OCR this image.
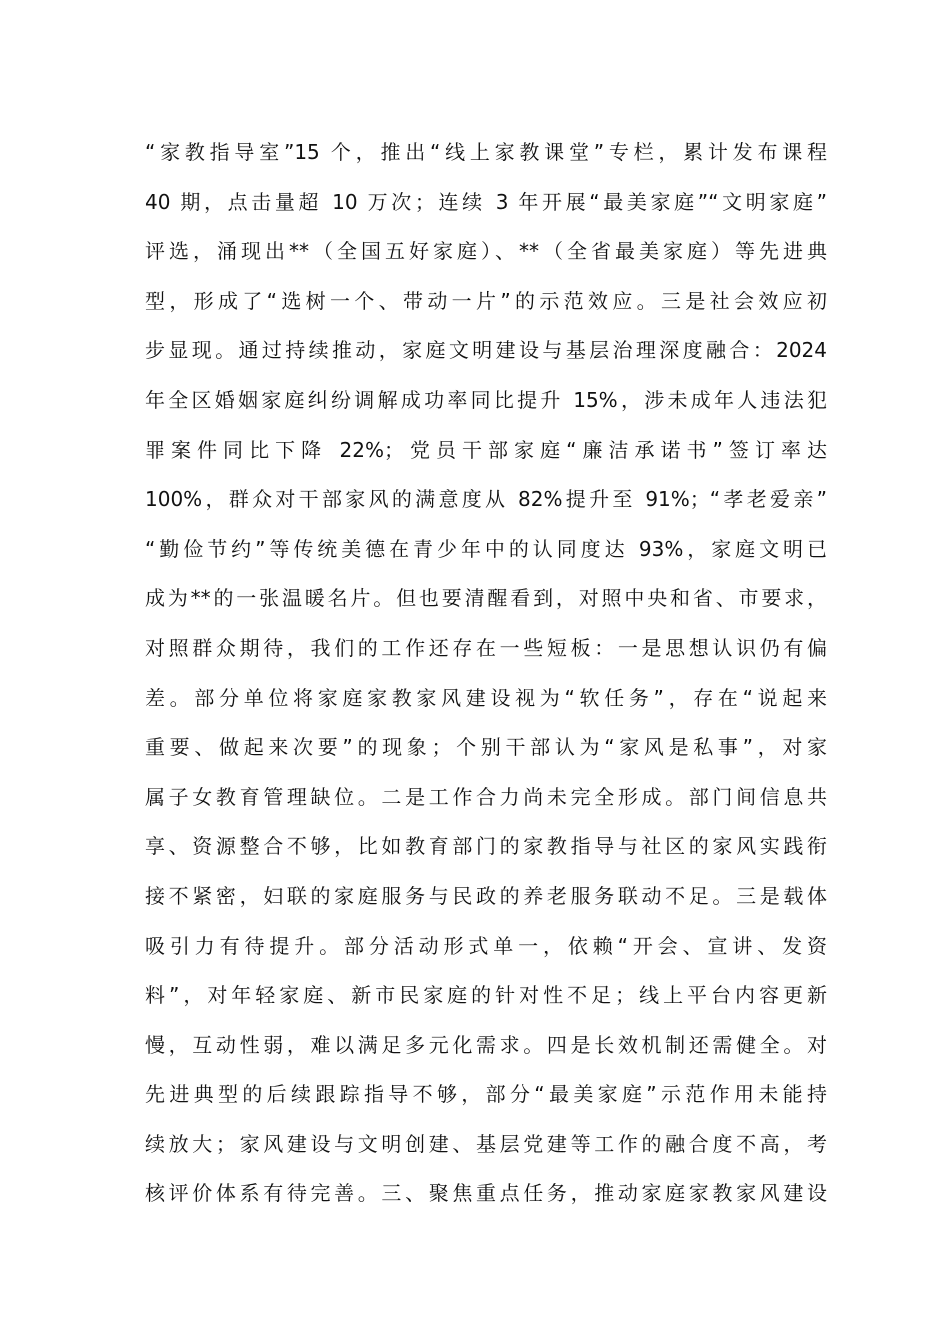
“家教指导室”15 个，推出“线上家教课堂”专栏，累计发布课程
40 期，点击量超 10 万次；连续 3 年开展“最美家庭”“文明家庭”
评选，涌现出**（全国五好家庭）、**（全省最美家庭）等先进典
型，形成了“选树一个、带动一片”的示范效应。三是社会效应初
步显现。通过持续推动，家庭文明建设与基层治理深度融合：2024
年全区婚姻家庭纠纷调解成功率同比提升 15%，涉未成年人违法犯
罪案件同比下降 22%；党员干部家庭“廉洁承诺书”签订率达
100%，群众对干部家风的满意度从 82%提升至 91%；“孝老爱亲”
“勤俭节约”等传统美德在青少年中的认同度达 93%，家庭文明已
成为**的一张温暖名片。但也要清醒看到，对照中央和省、市要求，
对照群众期待，我们的工作还存在一些短板：一是思想认识仍有偏
差。部分单位将家庭家教家风建设视为“软任务”，存在“说起来
重要、做起来次要”的现象；个别干部认为“家风是私事”，对家
属子女教育管理缺位。二是工作合力尚未完全形成。部门间信息共
享、资源整合不够，比如教育部门的家教指导与社区的家风实践衔
接不紧密，妇联的家庭服务与民政的养老服务联动不足。三是载体
吸引力有待提升。部分活动形式单一，依赖“开会、宣讲、发资
料”，对年轻家庭、新市民家庭的针对性不足；线上平台内容更新
慢，互动性弱，难以满足多元化需求。四是长效机制还需健全。对
先进典型的后续跟踪指导不够，部分“最美家庭”示范作用未能持
续放大；家风建设与文明创建、基层党建等工作的融合度不高，考
核评价体系有待完善。三、聚焦重点任务，推动家庭家教家风建设
